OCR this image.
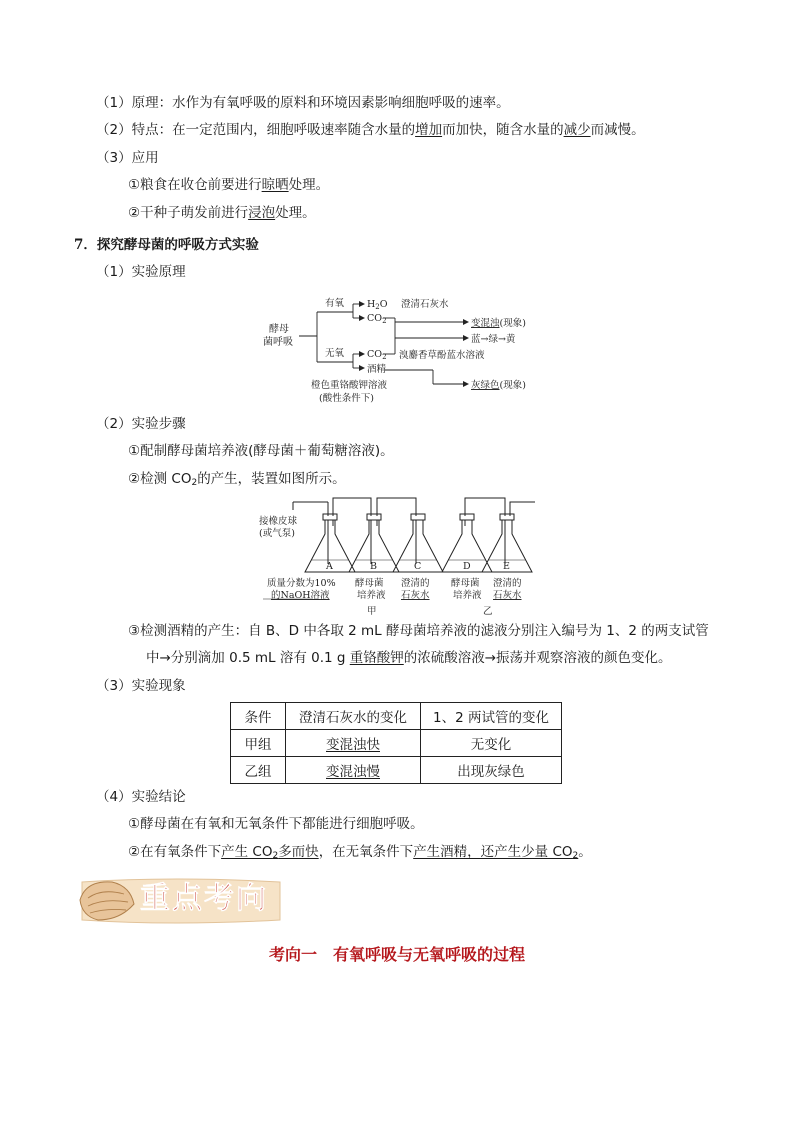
（1）原理：水作为有氧呼吸的原料和环境因素影响细胞呼吸的速率。
（2）特点：在一定范围内，细胞呼吸速率随含水量的增加而加快，随含水量的减少而减慢。
（3）应用
①粮食在收仓前要进行晾晒处理。
②干种子萌发前进行浸泡处理。
7．探究酵母菌的呼吸方式实验
（1）实验原理
酵母
菌呼吸
有氧
无氧
$H_2O$
$CO_2$
澄清石灰水
变混浊(现象)
蓝→绿→黄
$CO_2$ 溴麝香草酚蓝水溶液
酒精
橙色重铬酸钾溶液
(酸性条件下)
灰绿色(现象)
（2）实验步骤
①配制酵母菌培养液(酵母菌＋葡萄糖溶液)。
②检测 $CO_2$的产生，装置如图所示。
接橡皮球
(或气泵)
A	B	C	D	E
质量分数为10%
的NaOH溶液
酵母菌
培养液
澄清的
石灰水
酵母菌
培养液
澄清的
石灰水
甲	乙
③检测酒精的产生：自 B、D 中各取 2 mL 酵母菌培养液的滤液分别注入编号为 1、2 的两支试管
中→分别滴加 0.5 mL 溶有 0.1 g 重铬酸钾的浓硫酸溶液→振荡并观察溶液的颜色变化。
（3）实验现象
条件	澄清石灰水的变化	1、2 两试管的变化
甲组	变混浊快	无变化
乙组	变混浊慢	出现灰绿色
（4）实验结论
①酵母菌在有氧和无氧条件下都能进行细胞呼吸。
②在有氧条件下产生 $CO_2$多而快，在无氧条件下产生酒精，还产生少量 $CO_2$。
重点考向
考向一　有氧呼吸与无氧呼吸的过程
